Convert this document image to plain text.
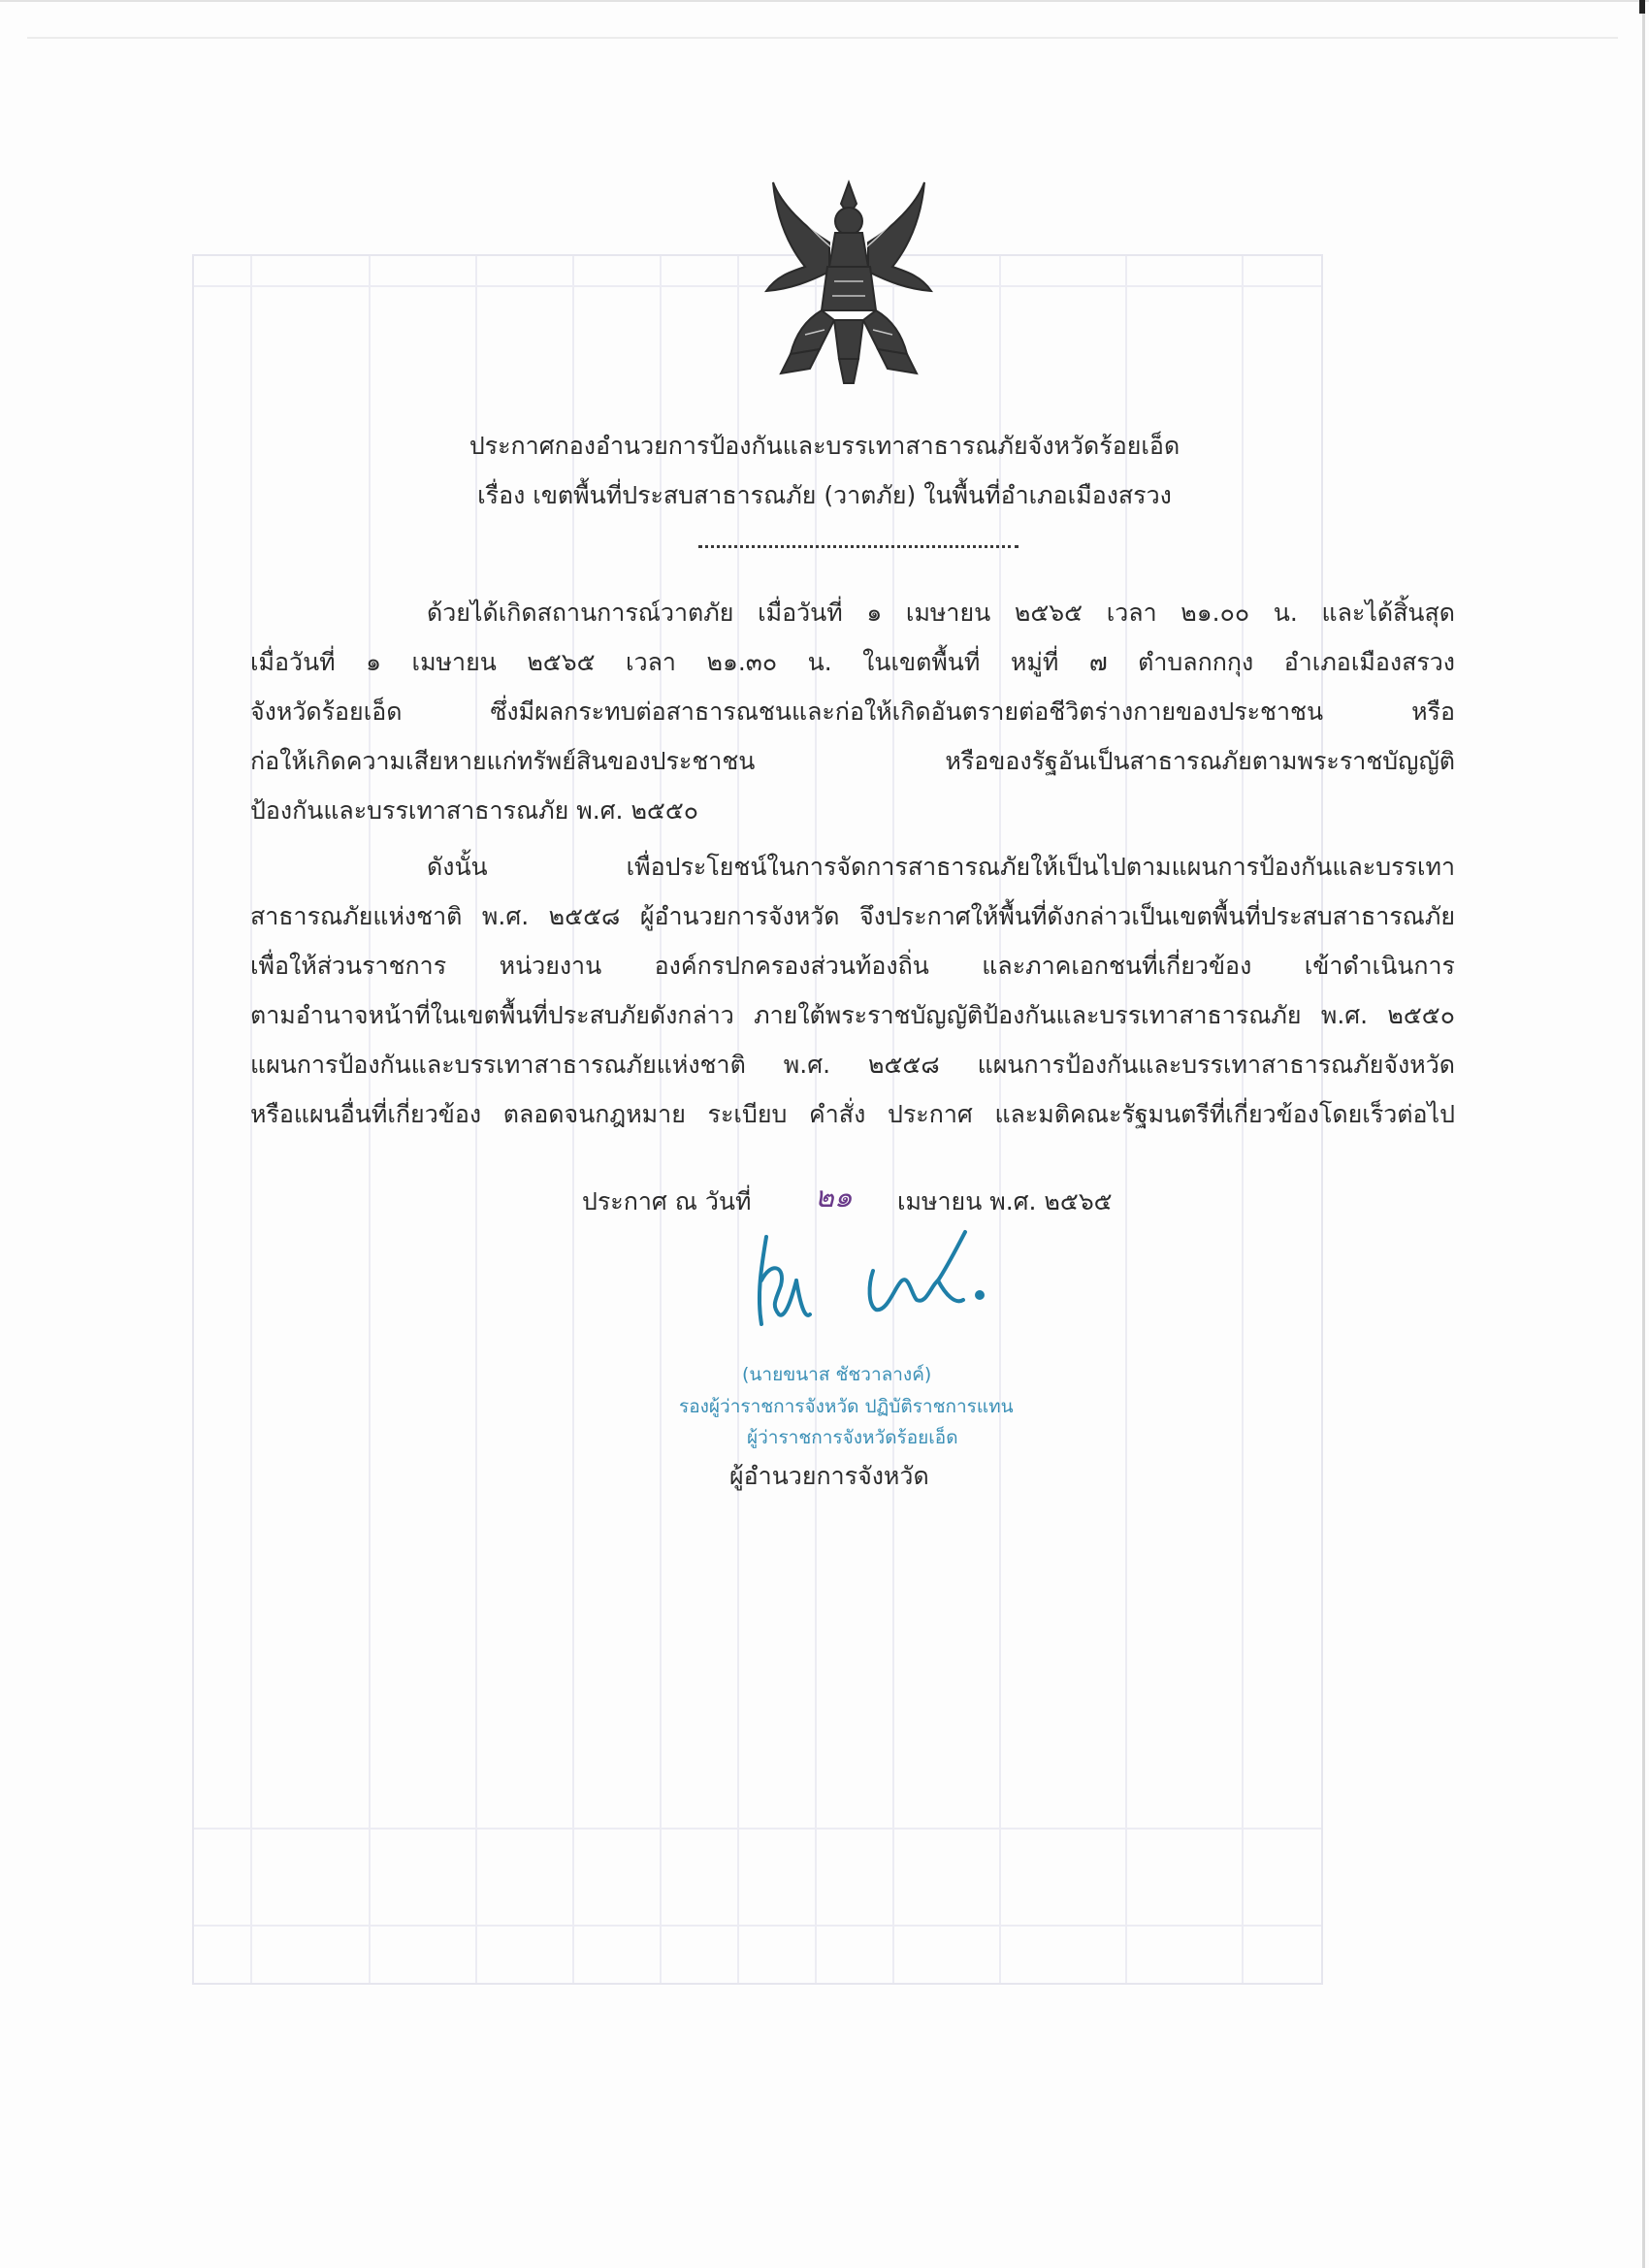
ประกาศกองอำนวยการป้องกันและบรรเทาสาธารณภัยจังหวัดร้อยเอ็ด
เรื่อง เขตพื้นที่ประสบสาธารณภัย (วาตภัย) ในพื้นที่อำเภอเมืองสรวง
ด้วยได้เกิดสถานการณ์วาตภัย เมื่อวันที่ ๑ เมษายน ๒๕๖๕ เวลา ๒๑.๐๐ น. และได้สิ้นสุด
เมื่อวันที่ ๑ เมษายน ๒๕๖๕ เวลา ๒๑.๓๐ น. ในเขตพื้นที่ หมู่ที่ ๗ ตำบลกกกุง อำเภอเมืองสรวง
จังหวัดร้อยเอ็ด ซึ่งมีผลกระทบต่อสาธารณชนและก่อให้เกิดอันตรายต่อชีวิตร่างกายของประชาชน หรือ
ก่อให้เกิดความเสียหายแก่ทรัพย์สินของประชาชน หรือของรัฐอันเป็นสาธารณภัยตามพระราชบัญญัติ
ป้องกันและบรรเทาสาธารณภัย พ.ศ. ๒๕๕๐
ดังนั้น เพื่อประโยชน์ในการจัดการสาธารณภัยให้เป็นไปตามแผนการป้องกันและบรรเทา
สาธารณภัยแห่งชาติ พ.ศ. ๒๕๕๘ ผู้อำนวยการจังหวัด จึงประกาศให้พื้นที่ดังกล่าวเป็นเขตพื้นที่ประสบสาธารณภัย
เพื่อให้ส่วนราชการ หน่วยงาน องค์กรปกครองส่วนท้องถิ่น และภาคเอกชนที่เกี่ยวข้อง เข้าดำเนินการ
ตามอำนาจหน้าที่ในเขตพื้นที่ประสบภัยดังกล่าว ภายใต้พระราชบัญญัติป้องกันและบรรเทาสาธารณภัย พ.ศ. ๒๕๕๐
แผนการป้องกันและบรรเทาสาธารณภัยแห่งชาติ พ.ศ. ๒๕๕๘ แผนการป้องกันและบรรเทาสาธารณภัยจังหวัด
หรือแผนอื่นที่เกี่ยวข้อง ตลอดจนกฎหมาย ระเบียบ คำสั่ง ประกาศ และมติคณะรัฐมนตรีที่เกี่ยวข้องโดยเร็วต่อไป
ประกาศ ณ วันที่ ๒๑ เมษายน พ.ศ. ๒๕๖๕
(นายขนาส ชัชวาลางค์)
รองผู้ว่าราชการจังหวัด ปฏิบัติราชการแทน
ผู้ว่าราชการจังหวัดร้อยเอ็ด
ผู้อำนวยการจังหวัด
